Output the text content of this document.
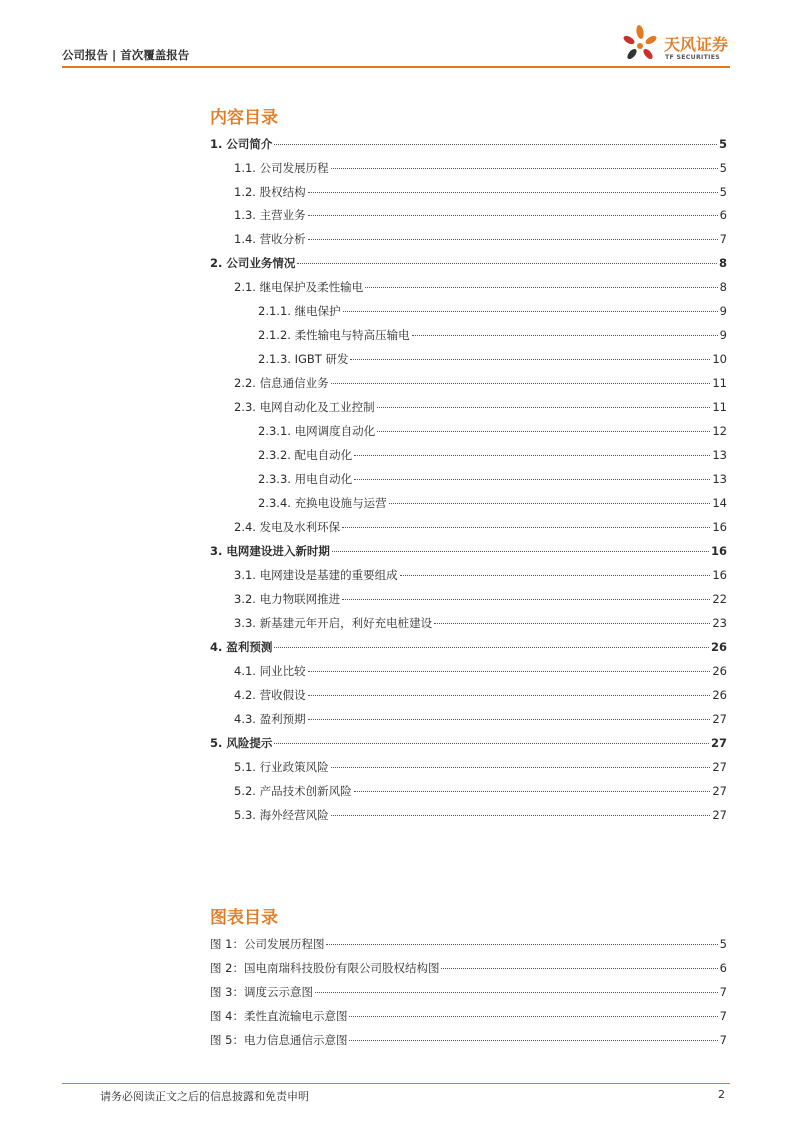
公司报告 | 首次覆盖报告
天风证券
TF SECURITIES
内容目录
1. 公司简介	5
1.1. 公司发展历程	5
1.2. 股权结构	5
1.3. 主营业务	6
1.4. 营收分析	7
2. 公司业务情况	8
2.1. 继电保护及柔性输电	8
2.1.1. 继电保护	9
2.1.2. 柔性输电与特高压输电	9
2.1.3. IGBT 研发	10
2.2. 信息通信业务	11
2.3. 电网自动化及工业控制	11
2.3.1. 电网调度自动化	12
2.3.2. 配电自动化	13
2.3.3. 用电自动化	13
2.3.4. 充换电设施与运营	14
2.4. 发电及水利环保	16
3. 电网建设进入新时期	16
3.1. 电网建设是基建的重要组成	16
3.2. 电力物联网推进	22
3.3. 新基建元年开启，利好充电桩建设	23
4. 盈利预测	26
4.1. 同业比较	26
4.2. 营收假设	26
4.3. 盈利预期	27
5. 风险提示	27
5.1. 行业政策风险	27
5.2. 产品技术创新风险	27
5.3. 海外经营风险	27
图表目录
图 1： 公司发展历程图	5
图 2： 国电南瑞科技股份有限公司股权结构图	6
图 3： 调度云示意图	7
图 4： 柔性直流输电示意图	7
图 5： 电力信息通信示意图	7
请务必阅读正文之后的信息披露和免责申明	2
